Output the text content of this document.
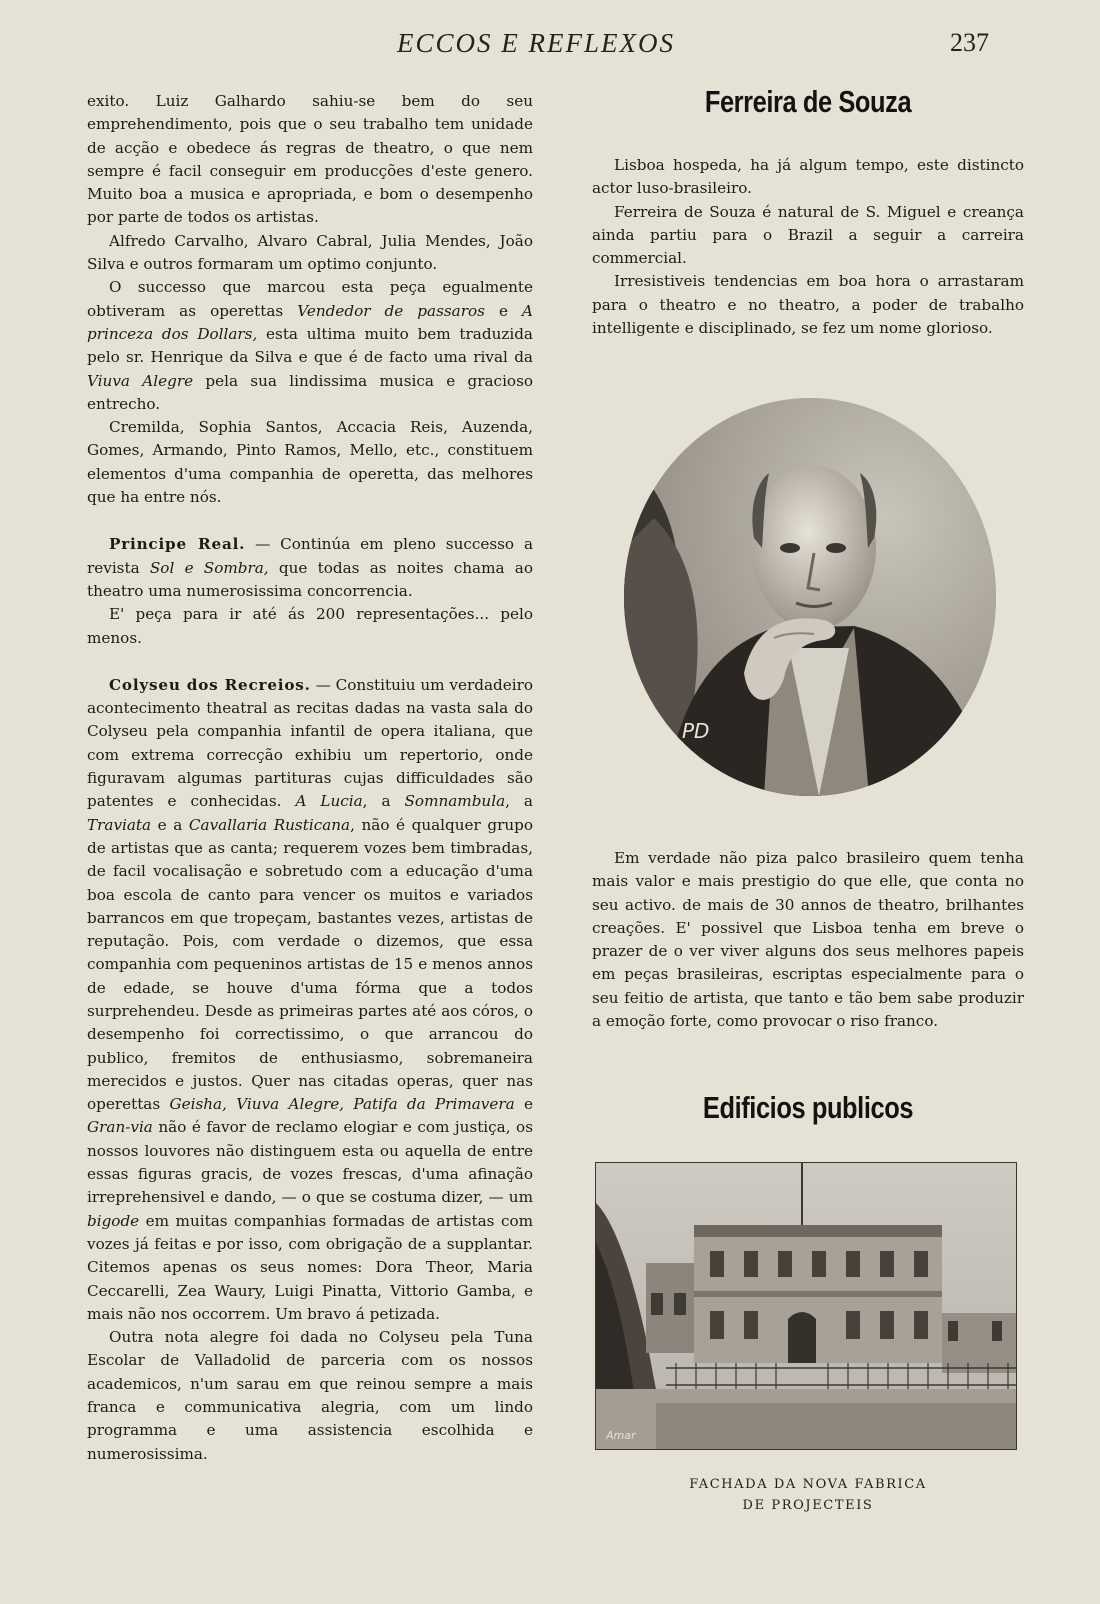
ECCOS E REFLEXOS	237

exito. Luiz Galhardo sahiu-se bem do seu emprehendimento, pois que o seu trabalho tem unidade de acção e obedece ás regras de theatro, o que nem sempre é facil conseguir em producções d'este genero. Muito boa a musica e apropriada, e bom o desempenho por parte de todos os artistas.

Alfredo Carvalho, Alvaro Cabral, Julia Mendes, João Silva e outros formaram um optimo conjunto.

O successo que marcou esta peça egualmente obtiveram as operettas Vendedor de passaros e A princeza dos Dollars, esta ultima muito bem traduzida pelo sr. Henrique da Silva e que é de facto uma rival da Viuva Alegre pela sua lindissima musica e gracioso entrecho.

Cremilda, Sophia Santos, Accacia Reis, Auzenda, Gomes, Armando, Pinto Ramos, Mello, etc., constituem elementos d'uma companhia de operetta, das melhores que ha entre nós.

Principe Real. — Continúa em pleno successo a revista Sol e Sombra, que todas as noites chama ao theatro uma numerosissima concorrencia.

E' peça para ir até ás 200 representações... pelo menos.

Colyseu dos Recreios. — Constituiu um verdadeiro acontecimento theatral as recitas dadas na vasta sala do Colyseu pela companhia infantil de opera italiana, que com extrema correcção exhibiu um repertorio, onde figuravam algumas partituras cujas difficuldades são patentes e conhecidas. A Lucia, a Somnambula, a Traviata e a Cavallaria Rusticana, não é qualquer grupo de artistas que as canta; requerem vozes bem timbradas, de facil vocalisação e sobretudo com a educação d'uma boa escola de canto para vencer os muitos e variados barrancos em que tropeçam, bastantes vezes, artistas de reputação. Pois, com verdade o dizemos, que essa companhia com pequeninos artistas de 15 e menos annos de edade, se houve d'uma fórma que a todos surprehendeu. Desde as primeiras partes até aos córos, o desempenho foi correctissimo, o que arrancou do publico, fremitos de enthusiasmo, sobremaneira merecidos e justos. Quer nas citadas operas, quer nas operettas Geisha, Viuva Alegre, Patifa da Primavera e Gran-via não é favor de reclamo elogiar e com justiça, os nossos louvores não distinguem esta ou aquella de entre essas figuras gracis, de vozes frescas, d'uma afinação irreprehensivel e dando, — o que se costuma dizer, — um bigode em muitas companhias formadas de artistas com vozes já feitas e por isso, com obrigação de a supplantar. Citemos apenas os seus nomes: Dora Theor, Maria Ceccarelli, Zea Waury, Luigi Pinatta, Vittorio Gamba, e mais não nos occorrem. Um bravo á petizada.

Outra nota alegre foi dada no Colyseu pela Tuna Escolar de Valladolid de parceria com os nossos academicos, n'um sarau em que reinou sempre a mais franca e communicativa alegria, com um lindo programma e uma assistencia escolhida e numerosissima.

Ferreira de Souza

Lisboa hospeda, ha já algum tempo, este distincto actor luso-brasileiro.

Ferreira de Souza é natural de S. Miguel e creança ainda partiu para o Brazil a seguir a carreira commercial.

Irresistiveis tendencias em boa hora o arrastaram para o theatro e no theatro, a poder de trabalho intelligente e disciplinado, se fez um nome glorioso.

PD

Em verdade não piza palco brasileiro quem tenha mais valor e mais prestigio do que elle, que conta no seu activo. de mais de 30 annos de theatro, brilhantes creações. E' possivel que Lisboa tenha em breve o prazer de o ver viver alguns dos seus melhores papeis em peças brasileiras, escriptas especialmente para o seu feitio de artista, que tanto e tão bem sabe produzir a emoção forte, como provocar o riso franco.

Edificios publicos
Amar
FACHADA DA NOVA FABRICA
DE PROJECTEIS
